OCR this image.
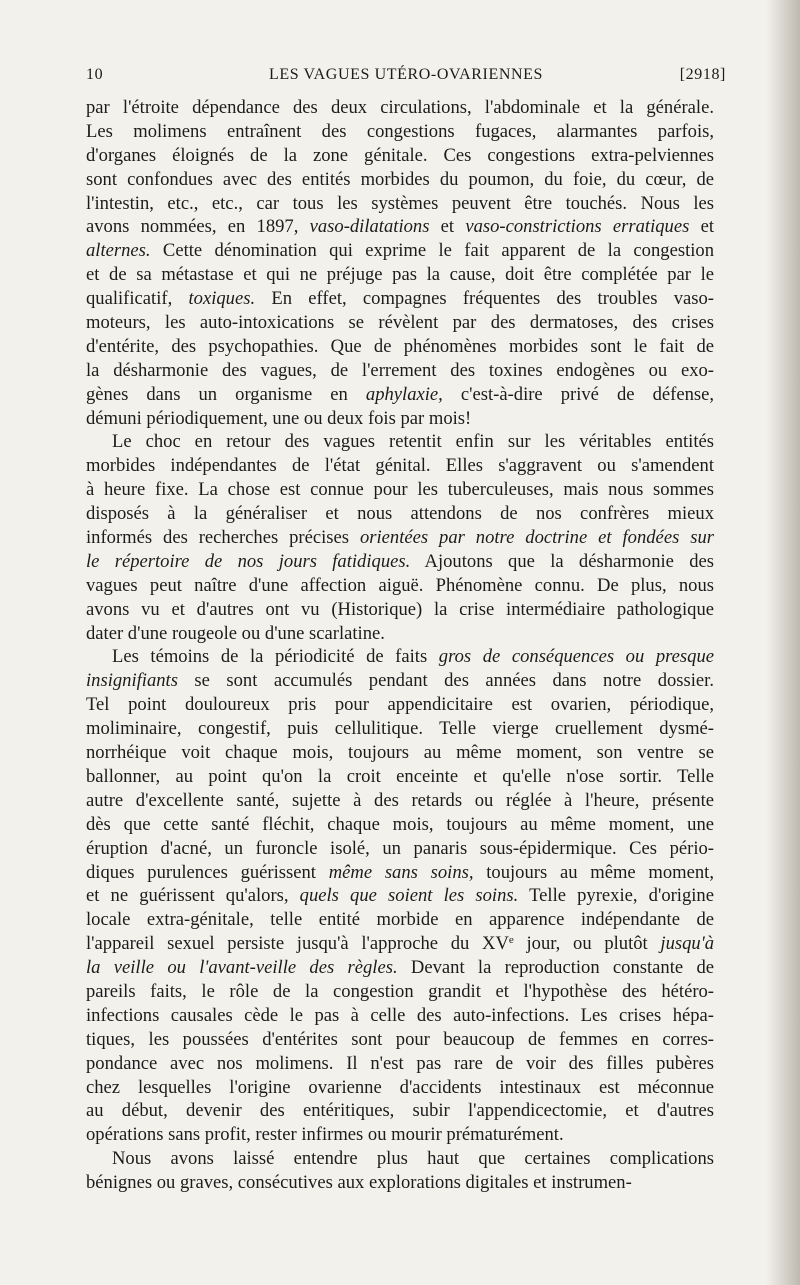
10	LES VAGUES UTÉRO-OVARIENNES	[2918]
par l'étroite dépendance des deux circulations, l'abdominale et la générale.
Les molimens entraînent des congestions fugaces, alarmantes parfois,
d'organes éloignés de la zone génitale. Ces congestions extra-pelviennes
sont confondues avec des entités morbides du poumon, du foie, du cœur, de
l'intestin, etc., etc., car tous les systèmes peuvent être touchés. Nous les
avons nommées, en 1897, vaso-dilatations et vaso-constrictions erratiques et
alternes. Cette dénomination qui exprime le fait apparent de la congestion
et de sa métastase et qui ne préjuge pas la cause, doit être complétée par le
qualificatif, toxiques. En effet, compagnes fréquentes des troubles vaso-
moteurs, les auto-intoxications se révèlent par des dermatoses, des crises
d'entérite, des psychopathies. Que de phénomènes morbides sont le fait de
la désharmonie des vagues, de l'errement des toxines endogènes ou exo-
gènes dans un organisme en aphylaxie, c'est-à-dire privé de défense,
démuni périodiquement, une ou deux fois par mois!
Le choc en retour des vagues retentit enfin sur les véritables entités
morbides indépendantes de l'état génital. Elles s'aggravent ou s'amendent
à heure fixe. La chose est connue pour les tuberculeuses, mais nous sommes
disposés à la généraliser et nous attendons de nos confrères mieux
informés des recherches précises orientées par notre doctrine et fondées sur
le répertoire de nos jours fatidiques. Ajoutons que la désharmonie des
vagues peut naître d'une affection aiguë. Phénomène connu. De plus, nous
avons vu et d'autres ont vu (Historique) la crise intermédiaire pathologique
dater d'une rougeole ou d'une scarlatine.
Les témoins de la périodicité de faits gros de conséquences ou presque
insignifiants se sont accumulés pendant des années dans notre dossier.
Tel point douloureux pris pour appendicitaire est ovarien, périodique,
moliminaire, congestif, puis cellulitique. Telle vierge cruellement dysmé-
norrhéique voit chaque mois, toujours au même moment, son ventre se
ballonner, au point qu'on la croit enceinte et qu'elle n'ose sortir. Telle
autre d'excellente santé, sujette à des retards ou réglée à l'heure, présente
dès que cette santé fléchit, chaque mois, toujours au même moment, une
éruption d'acné, un furoncle isolé, un panaris sous-épidermique. Ces pério-
diques purulences guérissent même sans soins, toujours au même moment,
et ne guérissent qu'alors, quels que soient les soins. Telle pyrexie, d'origine
locale extra-génitale, telle entité morbide en apparence indépendante de
l'appareil sexuel persiste jusqu'à l'approche du XVe jour, ou plutôt jusqu'à
la veille ou l'avant-veille des règles. Devant la reproduction constante de
pareils faits, le rôle de la congestion grandit et l'hypothèse des hétéro-
infections causales cède le pas à celle des auto-infections. Les crises hépa-
tiques, les poussées d'entérites sont pour beaucoup de femmes en corres-
pondance avec nos molimens. Il n'est pas rare de voir des filles pubères
chez lesquelles l'origine ovarienne d'accidents intestinaux est méconnue
au début, devenir des entéritiques, subir l'appendicectomie, et d'autres
opérations sans profit, rester infirmes ou mourir prématurément.
Nous avons laissé entendre plus haut que certaines complications
bénignes ou graves, consécutives aux explorations digitales et instrumen-
